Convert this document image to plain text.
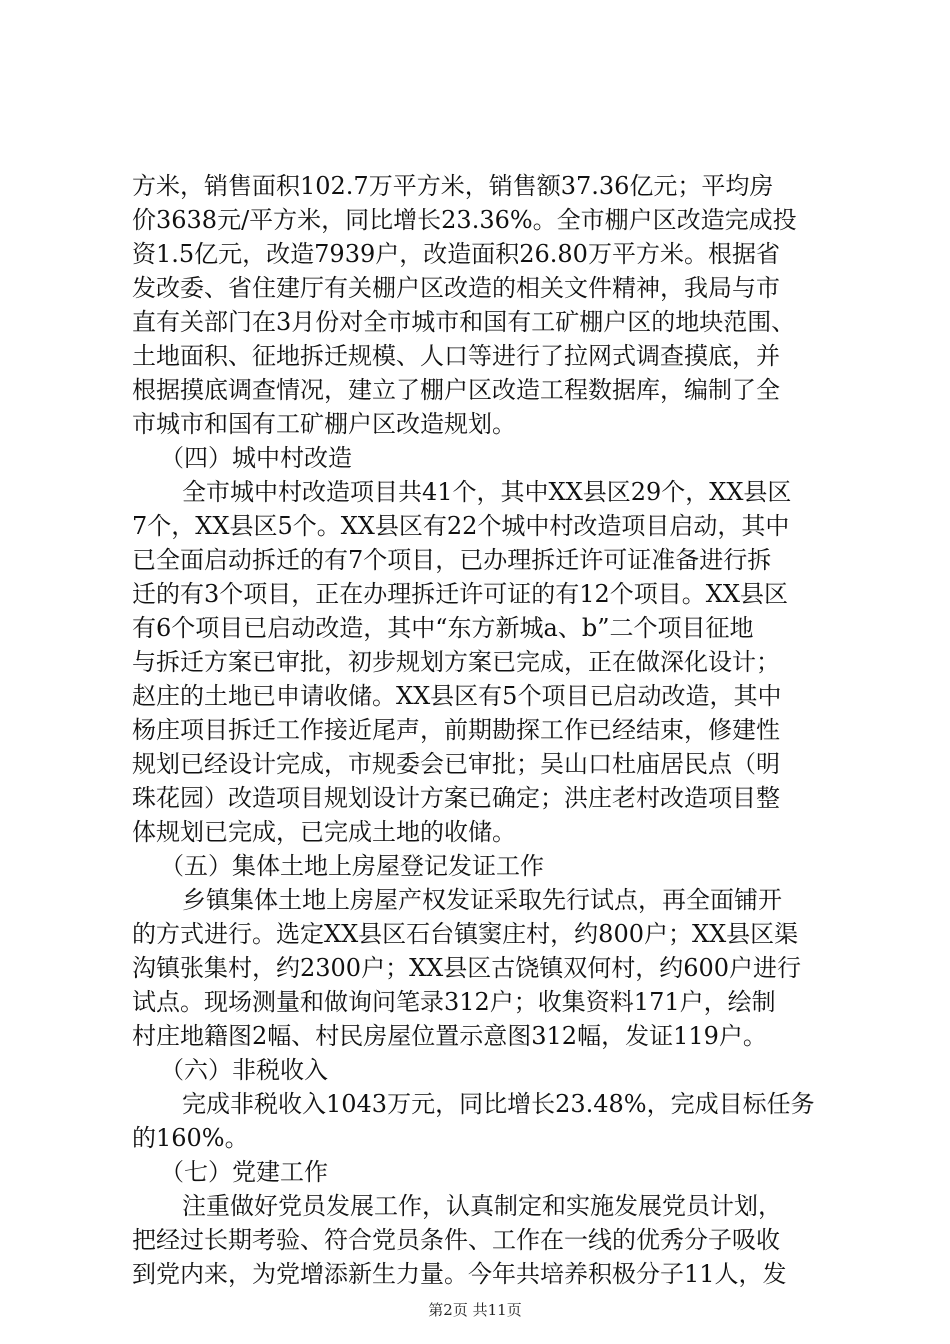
方米，销售面积102.7万平方米，销售额37.36亿元；平均房
价3638元/平方米，同比增长23.36%。全市棚户区改造完成投
资1.5亿元，改造7939户，改造面积26.80万平方米。根据省
发改委、省住建厅有关棚户区改造的相关文件精神，我局与市
直有关部门在3月份对全市城市和国有工矿棚户区的地块范围、
土地面积、征地拆迁规模、人口等进行了拉网式调查摸底，并
根据摸底调查情况，建立了棚户区改造工程数据库，编制了全
市城市和国有工矿棚户区改造规划。
（四）城中村改造
全市城中村改造项目共41个，其中XX县区29个，XX县区
7个，XX县区5个。XX县区有22个城中村改造项目启动，其中
已全面启动拆迁的有7个项目，已办理拆迁许可证准备进行拆
迁的有3个项目，正在办理拆迁许可证的有12个项目。XX县区
有6个项目已启动改造，其中“东方新城a、b”二个项目征地
与拆迁方案已审批，初步规划方案已完成，正在做深化设计；
赵庄的土地已申请收储。XX县区有5个项目已启动改造，其中
杨庄项目拆迁工作接近尾声，前期勘探工作已经结束，修建性
规划已经设计完成，市规委会已审批；吴山口杜庙居民点（明
珠花园）改造项目规划设计方案已确定；洪庄老村改造项目整
体规划已完成，已完成土地的收储。
（五）集体土地上房屋登记发证工作
乡镇集体土地上房屋产权发证采取先行试点，再全面铺开
的方式进行。选定XX县区石台镇窦庄村，约800户；XX县区渠
沟镇张集村，约2300户；XX县区古饶镇双何村，约600户进行
试点。现场测量和做询问笔录312户；收集资料171户，绘制
村庄地籍图2幅、村民房屋位置示意图312幅，发证119户。
（六）非税收入
完成非税收入1043万元，同比增长23.48%，完成目标任务
的160%。
（七）党建工作
注重做好党员发展工作，认真制定和实施发展党员计划，
把经过长期考验、符合党员条件、工作在一线的优秀分子吸收
到党内来，为党增添新生力量。今年共培养积极分子11人，发
第2页 共11页
